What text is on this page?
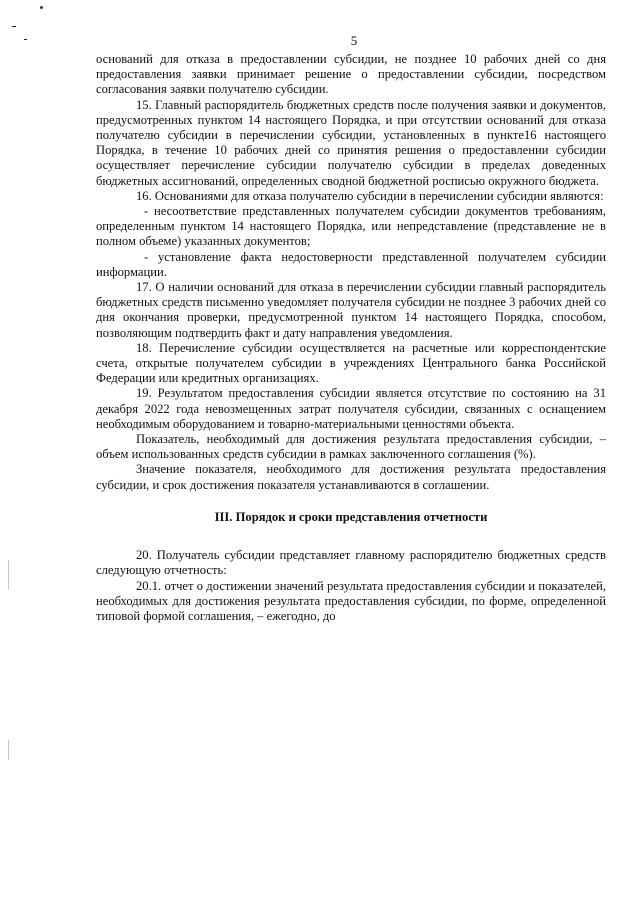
5

оснований для отказа в предоставлении субсидии, не позднее 10 рабочих дней со дня предоставления заявки принимает решение о предоставлении субсидии, посредством согласования заявки получателю субсидии.

15. Главный распорядитель бюджетных средств после получения заявки и документов, предусмотренных пунктом 14 настоящего Порядка, и при отсутствии оснований для отказа получателю субсидии в перечислении субсидии, установленных в пункте16 настоящего Порядка, в течение 10 рабочих дней со принятия решения о предоставлении субсидии осуществляет перечисление субсидии получателю субсидии в пределах доведенных бюджетных ассигнований, определенных сводной бюджетной росписью окружного бюджета.

16. Основаниями для отказа получателю субсидии в перечислении субсидии являются:

- несоответствие представленных получателем субсидии документов требованиям, определенным пунктом 14 настоящего Порядка, или непредставление (представление не в полном объеме) указанных документов;

- установление факта недостоверности представленной получателем субсидии информации.

17. О наличии оснований для отказа в перечислении субсидии главный распорядитель бюджетных средств письменно уведомляет получателя субсидии не позднее 3 рабочих дней со дня окончания проверки, предусмотренной пунктом 14 настоящего Порядка, способом, позволяющим подтвердить факт и дату направления уведомления.

18. Перечисление субсидии осуществляется на расчетные или корреспондентские счета, открытые получателем субсидии в учреждениях Центрального банка Российской Федерации или кредитных организациях.

19. Результатом предоставления субсидии является отсутствие по состоянию на 31 декабря 2022 года невозмещенных затрат получателя субсидии, связанных с оснащением необходимым оборудованием и товарно-материальными ценностями объекта.

Показатель, необходимый для достижения результата предоставления субсидии, – объем использованных средств субсидии в рамках заключенного соглашения (%).

Значение показателя, необходимого для достижения результата предоставления субсидии, и срок достижения показателя устанавливаются в соглашении.

III. Порядок и сроки представления отчетности

20. Получатель субсидии представляет главному распорядителю бюджетных средств следующую отчетность:

20.1. отчет о достижении значений результата предоставления субсидии и показателей, необходимых для достижения результата предоставления субсидии, по форме, определенной типовой формой соглашения, – ежегодно, до
